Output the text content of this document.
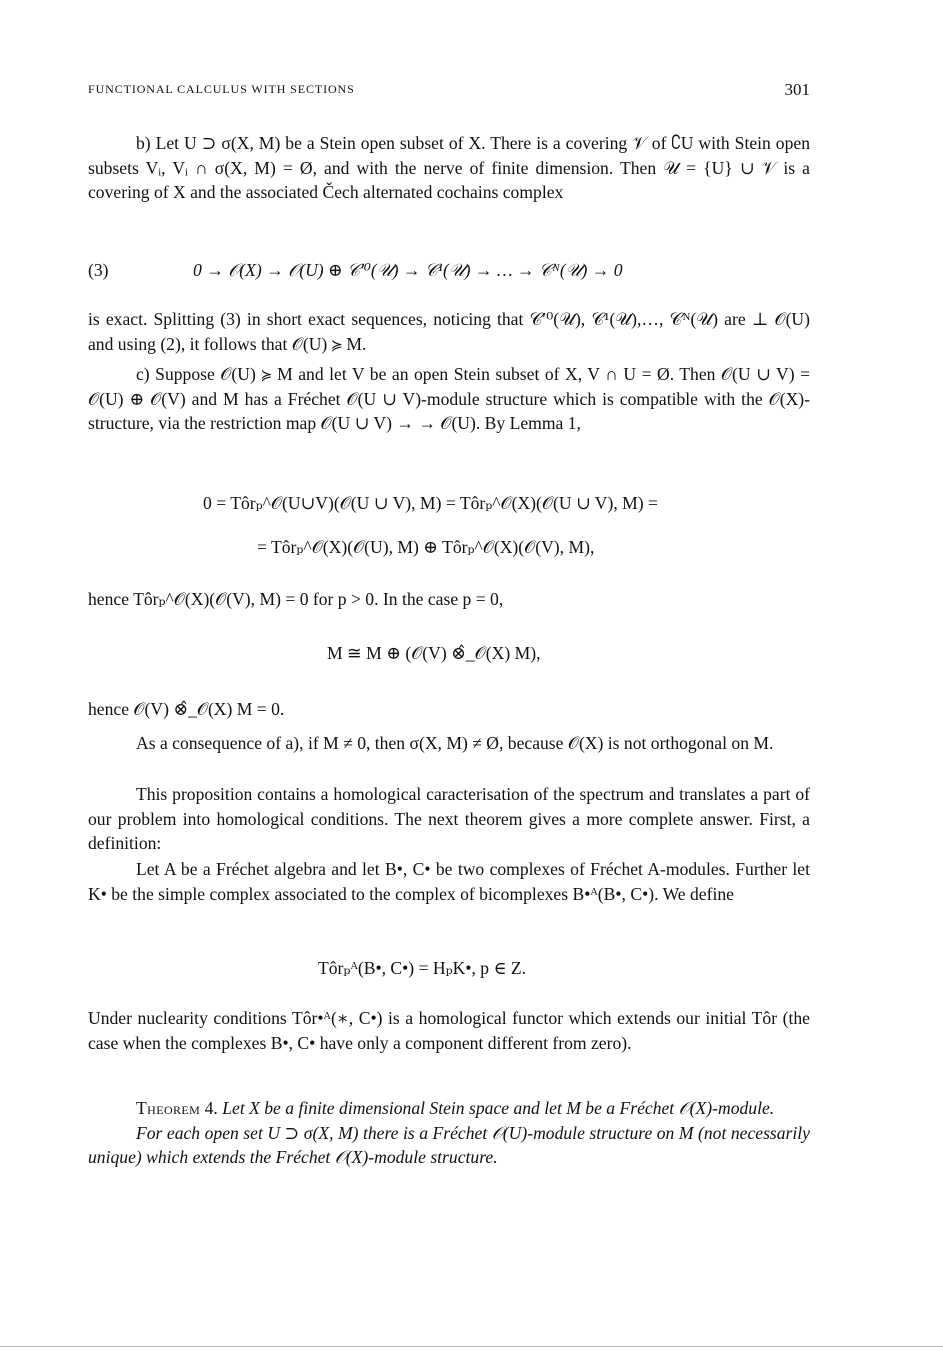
FUNCTIONAL CALCULUS WITH SECTIONS	301

b) Let U ⊃ σ(X, M) be a Stein open subset of X. There is a covering 𝒱 of ∁U with Stein open subsets Vᵢ, Vᵢ ∩ σ(X, M) = Ø, and with the nerve of finite dimension. Then 𝒰 = {U} ∪ 𝒱 is a covering of X and the associated Čech alternated cochains complex

(3)	0 → 𝒪(X) → 𝒪(U) ⊕ 𝒞′⁰(𝒰) → 𝒞¹(𝒰) → … → 𝒞ᴺ(𝒰) → 0

is exact. Splitting (3) in short exact sequences, noticing that 𝒞′⁰(𝒰), 𝒞¹(𝒰),…, 𝒞ᴺ(𝒰) are ⊥ 𝒪(U) and using (2), it follows that 𝒪(U) ≽ M.

c) Suppose 𝒪(U) ≽ M and let V be an open Stein subset of X, V ∩ U = Ø. Then 𝒪(U ∪ V) = 𝒪(U) ⊕ 𝒪(V) and M has a Fréchet 𝒪(U ∪ V)-module structure which is compatible with the 𝒪(X)-structure, via the restriction map 𝒪(U ∪ V) → → 𝒪(U). By Lemma 1,

0 = Tôrₚ^𝒪(U∪V)(𝒪(U ∪ V), M) = Tôrₚ^𝒪(X)(𝒪(U ∪ V), M) =
= Tôrₚ^𝒪(X)(𝒪(U), M) ⊕ Tôrₚ^𝒪(X)(𝒪(V), M),

hence Tôrₚ^𝒪(X)(𝒪(V), M) = 0 for p > 0. In the case p = 0,

M ≅ M ⊕ (𝒪(V) ⊗̂_𝒪(X) M),

hence 𝒪(V) ⊗̂_𝒪(X) M = 0.

As a consequence of a), if M ≠ 0, then σ(X, M) ≠ Ø, because 𝒪(X) is not orthogonal on M.

This proposition contains a homological caracterisation of the spectrum and translates a part of our problem into homological conditions. The next theorem gives a more complete answer. First, a definition:

Let A be a Fréchet algebra and let B•, C• be two complexes of Fréchet A-modules. Further let K• be the simple complex associated to the complex of bicomplexes B•ᴬ(B•, C•). We define

Tôrₚᴬ(B•, C•) = HₚK•, p ∈ Z.

Under nuclearity conditions Tôr•ᴬ(∗, C•) is a homological functor which extends our initial Tôr (the case when the complexes B•, C• have only a component different from zero).

Theorem 4. Let X be a finite dimensional Stein space and let M be a Fréchet 𝒪(X)-module.

For each open set U ⊃ σ(X, M) there is a Fréchet 𝒪(U)-module structure on M (not necessarily unique) which extends the Fréchet 𝒪(X)-module structure.
